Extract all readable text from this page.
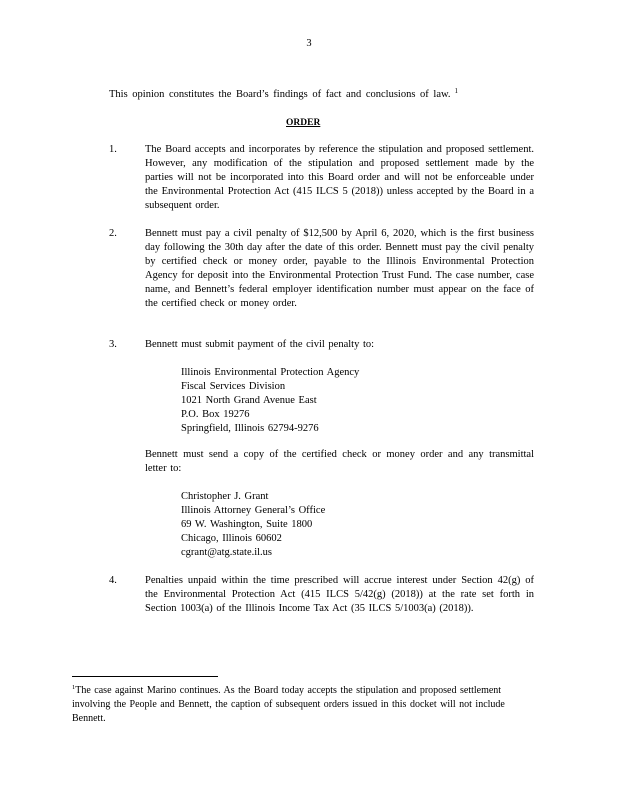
3
This opinion constitutes the Board’s findings of fact and conclusions of law. $^1$
ORDER
1.	The Board accepts and incorporates by reference the stipulation and proposed settlement. However, any modification of the stipulation and proposed settlement made by the parties will not be incorporated into this Board order and will not be enforceable under the Environmental Protection Act (415 ILCS 5 (2018)) unless accepted by the Board in a subsequent order.
2.	Bennett must pay a civil penalty of $12,500 by April 6, 2020, which is the first business day following the 30th day after the date of this order. Bennett must pay the civil penalty by certified check or money order, payable to the Illinois Environmental Protection Agency for deposit into the Environmental Protection Trust Fund. The case number, case name, and Bennett’s federal employer identification number must appear on the face of the certified check or money order.
3.	Bennett must submit payment of the civil penalty to:
Illinois Environmental Protection Agency
Fiscal Services Division
1021 North Grand Avenue East
P.O. Box 19276
Springfield, Illinois 62794-9276
Bennett must send a copy of the certified check or money order and any transmittal letter to:
Christopher J. Grant
Illinois Attorney General’s Office
69 W. Washington, Suite 1800
Chicago, Illinois 60602
cgrant@atg.state.il.us
4.	Penalties unpaid within the time prescribed will accrue interest under Section 42(g) of the Environmental Protection Act (415 ILCS 5/42(g) (2018)) at the rate set forth in Section 1003(a) of the Illinois Income Tax Act (35 ILCS 5/1003(a) (2018)).
$^1$The case against Marino continues. As the Board today accepts the stipulation and proposed settlement involving the People and Bennett, the caption of subsequent orders issued in this docket will not include Bennett.
